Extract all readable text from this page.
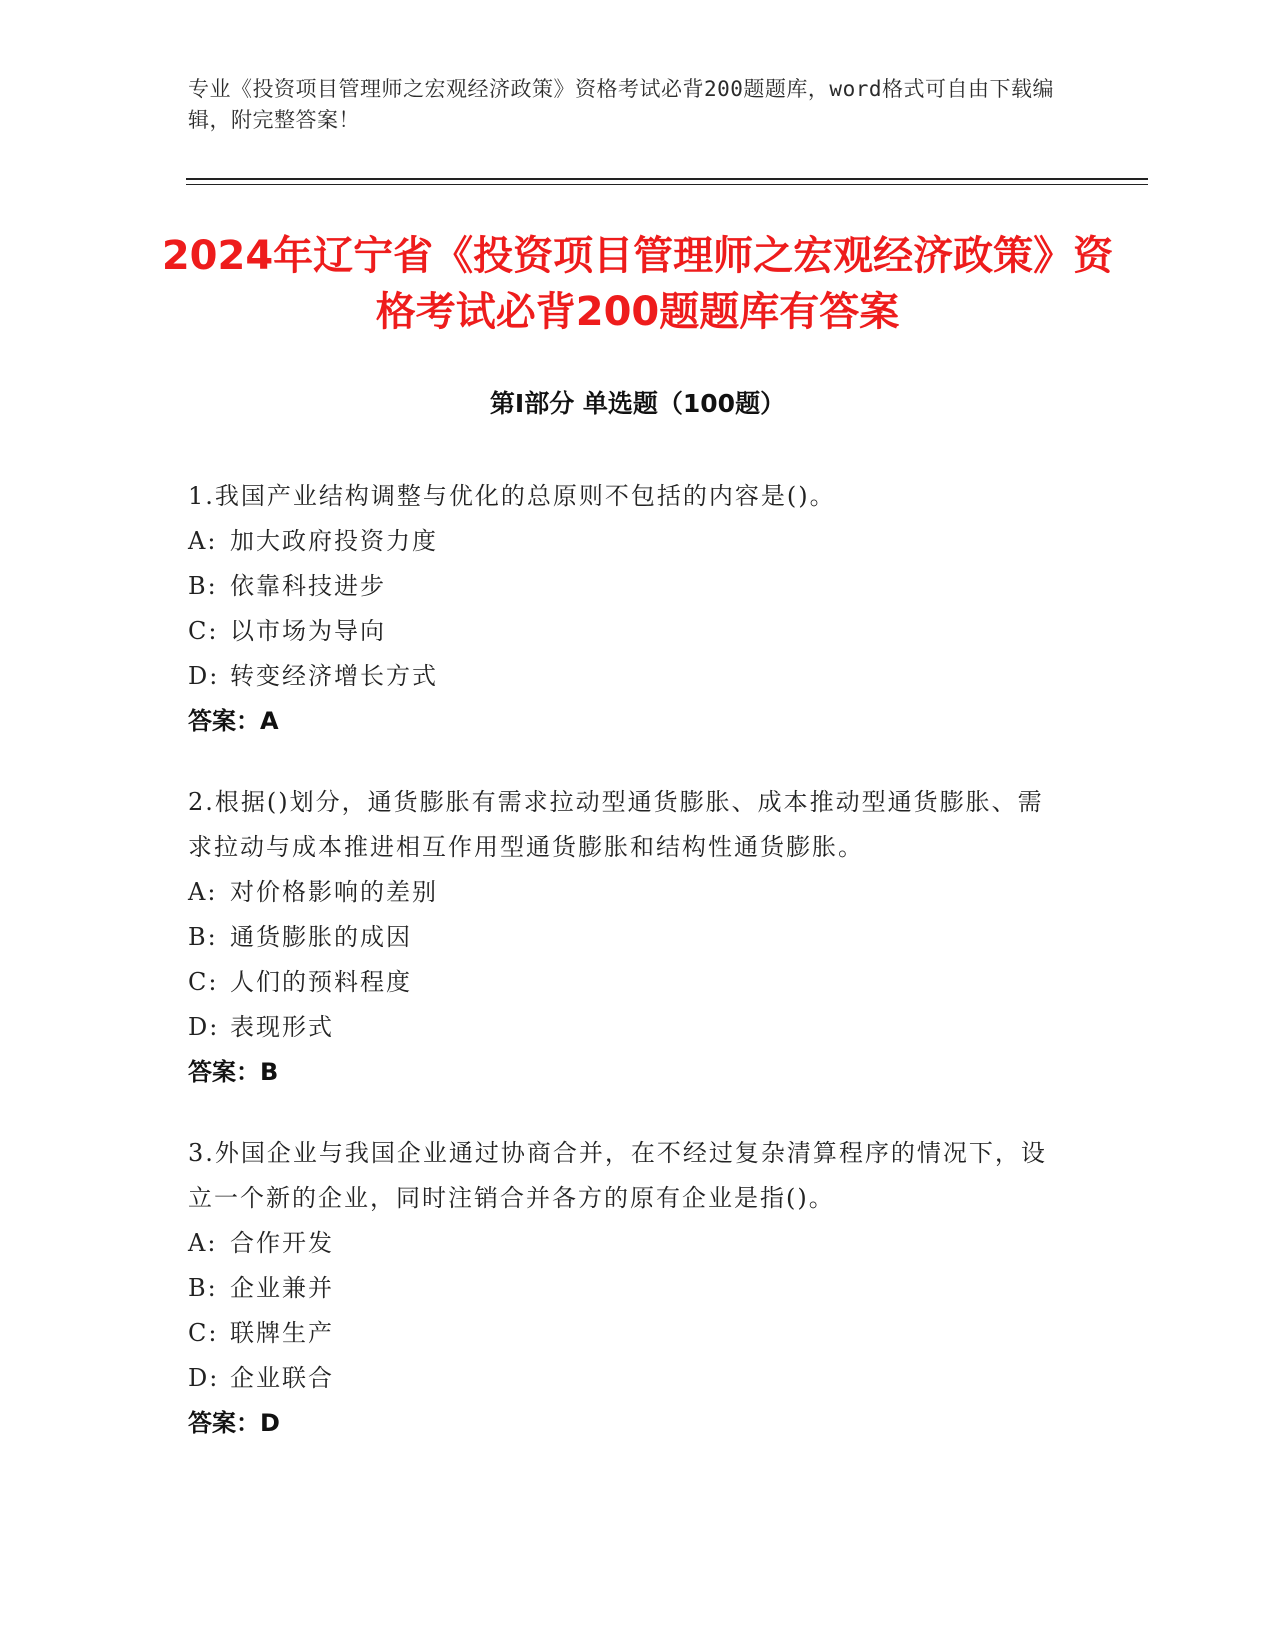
专业《投资项目管理师之宏观经济政策》资格考试必背200题题库，word格式可自由下载编辑，附完整答案！
2024年辽宁省《投资项目管理师之宏观经济政策》资格考试必背200题题库有答案
第I部分 单选题（100题）
1.我国产业结构调整与优化的总原则不包括的内容是()。
A: 加大政府投资力度
B: 依靠科技进步
C: 以市场为导向
D: 转变经济增长方式
答案：A
2.根据()划分，通货膨胀有需求拉动型通货膨胀、成本推动型通货膨胀、需求拉动与成本推进相互作用型通货膨胀和结构性通货膨胀。
A: 对价格影响的差别
B: 通货膨胀的成因
C: 人们的预料程度
D: 表现形式
答案：B
3.外国企业与我国企业通过协商合并，在不经过复杂清算程序的情况下，设立一个新的企业，同时注销合并各方的原有企业是指()。
A: 合作开发
B: 企业兼并
C: 联牌生产
D: 企业联合
答案：D
